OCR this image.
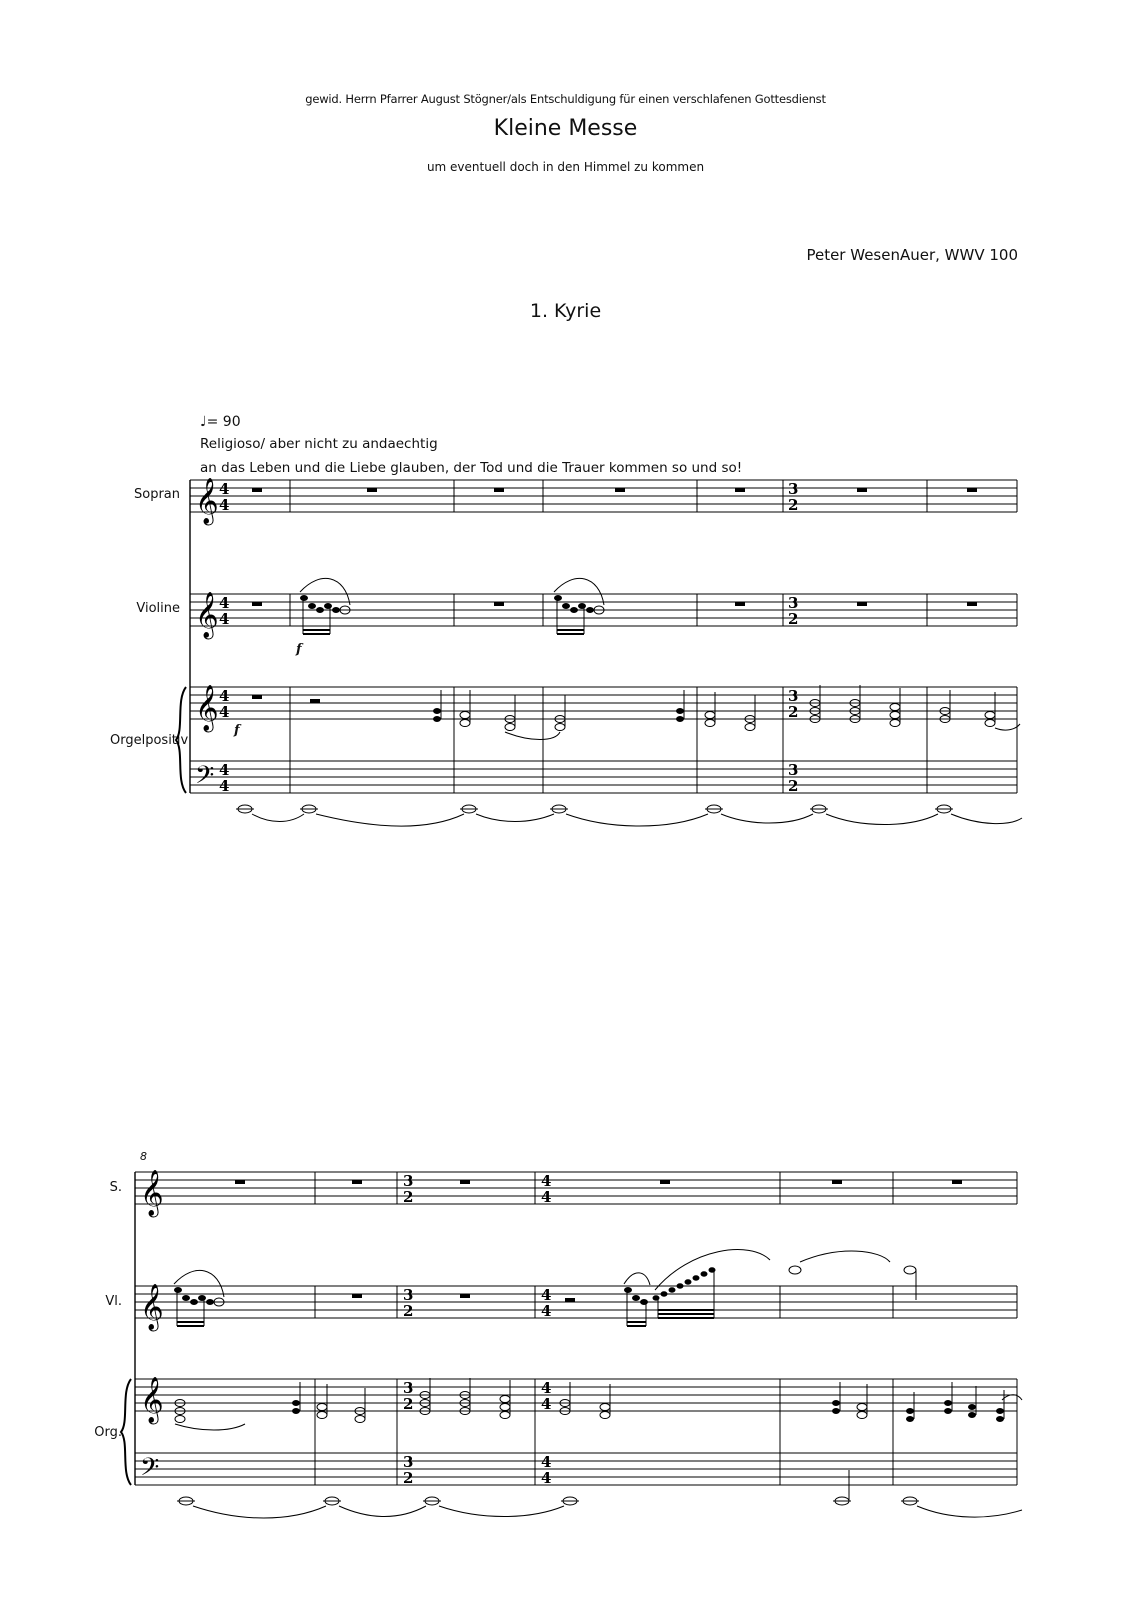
gewid. Herrn Pfarrer August Stögner/als Entschuldigung für einen verschlafenen Gottesdienst
Kleine Messe
um eventuell doch in den Himmel zu kommen
Peter WesenAuer, WWV 100
1. Kyrie
♩= 90
Religioso/ aber nicht zu andaechtig
an das Leben und die Liebe glauben, der Tod und die Trauer kommen so und so!
Sopran
Violine
Orgelpositiv
f
f
8
S.
Vl.
Org.
𝄞
𝄞
𝄞
𝄢
4
4
4
4
4
4
4
4
3
2
3
2
3
2
3
2
𝄞
𝄞
𝄞
𝄢
3
2
3
2
3
2
3
2
4
4
4
4
4
4
4
4
